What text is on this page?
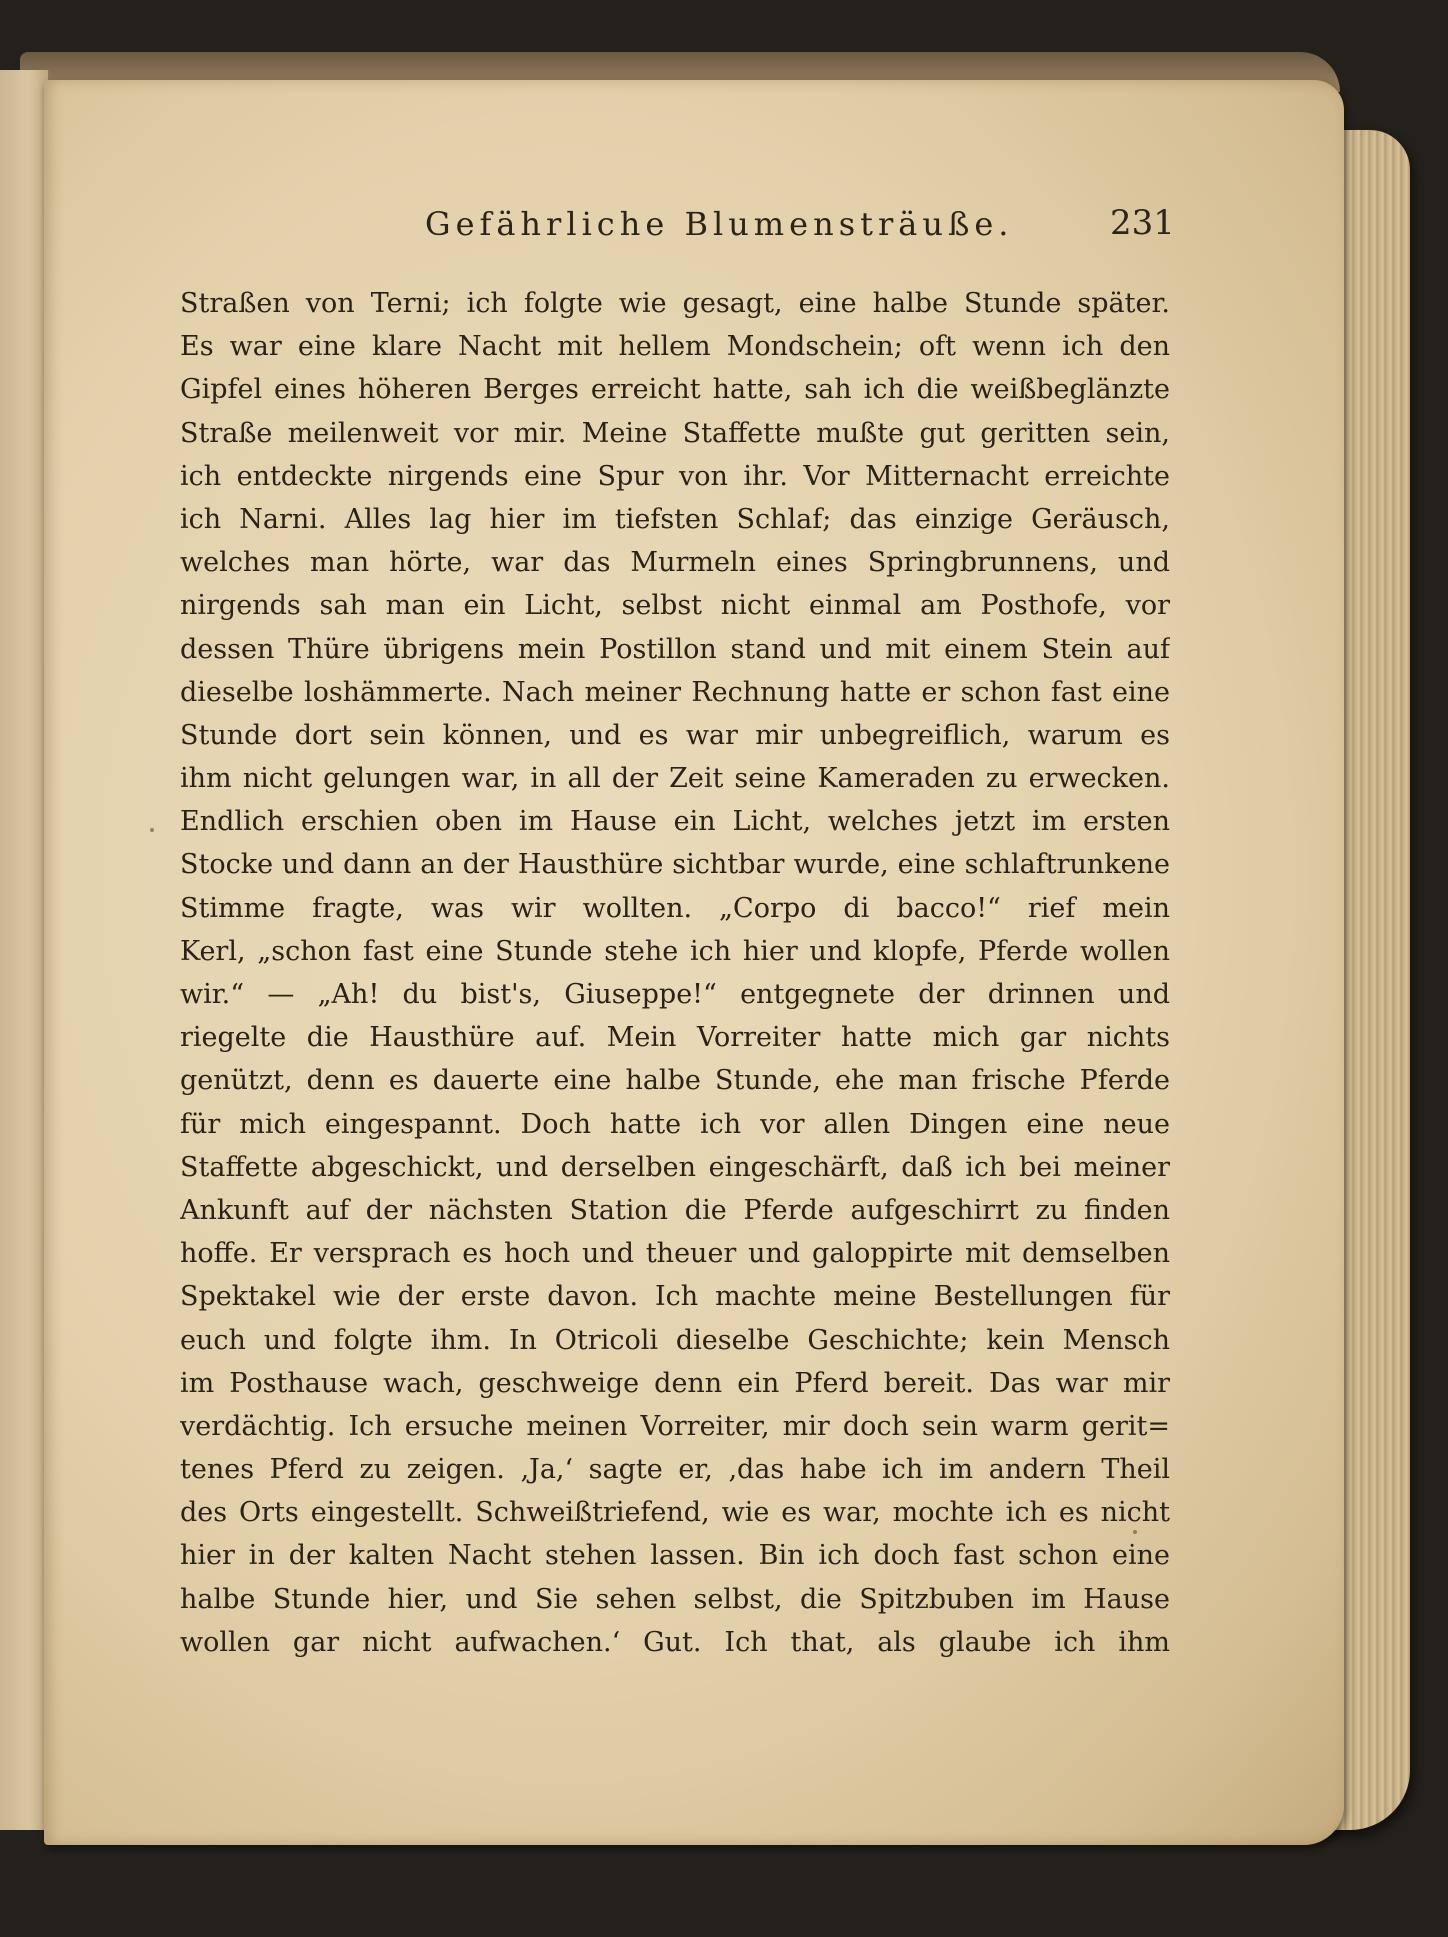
Gefährliche Blumensträuße.	231
Straßen von Terni; ich folgte wie gesagt, eine halbe Stunde später.
Es war eine klare Nacht mit hellem Mondschein; oft wenn ich den
Gipfel eines höheren Berges erreicht hatte, sah ich die weißbeglänzte
Straße meilenweit vor mir. Meine Staffette mußte gut geritten sein,
ich entdeckte nirgends eine Spur von ihr. Vor Mitternacht erreichte
ich Narni. Alles lag hier im tiefsten Schlaf; das einzige Geräusch,
welches man hörte, war das Murmeln eines Springbrunnens, und
nirgends sah man ein Licht, selbst nicht einmal am Posthofe, vor
dessen Thüre übrigens mein Postillon stand und mit einem Stein auf
dieselbe loshämmerte. Nach meiner Rechnung hatte er schon fast eine
Stunde dort sein können, und es war mir unbegreiflich, warum es
ihm nicht gelungen war, in all der Zeit seine Kameraden zu erwecken.
Endlich erschien oben im Hause ein Licht, welches jetzt im ersten
Stocke und dann an der Hausthüre sichtbar wurde, eine schlaftrunkene
Stimme fragte, was wir wollten. „Corpo di bacco!“ rief mein
Kerl, „schon fast eine Stunde stehe ich hier und klopfe, Pferde wollen
wir.“ — „Ah! du bist's, Giuseppe!“ entgegnete der drinnen und
riegelte die Hausthüre auf. Mein Vorreiter hatte mich gar nichts
genützt, denn es dauerte eine halbe Stunde, ehe man frische Pferde
für mich eingespannt. Doch hatte ich vor allen Dingen eine neue
Staffette abgeschickt, und derselben eingeschärft, daß ich bei meiner
Ankunft auf der nächsten Station die Pferde aufgeschirrt zu finden
hoffe. Er versprach es hoch und theuer und galoppirte mit demselben
Spektakel wie der erste davon. Ich machte meine Bestellungen für
euch und folgte ihm. In Otricoli dieselbe Geschichte; kein Mensch
im Posthause wach, geschweige denn ein Pferd bereit. Das war mir
verdächtig. Ich ersuche meinen Vorreiter, mir doch sein warm gerit=
tenes Pferd zu zeigen. ‚Ja,‘ sagte er, ‚das habe ich im andern Theil
des Orts eingestellt. Schweißtriefend, wie es war, mochte ich es nicht
hier in der kalten Nacht stehen lassen. Bin ich doch fast schon eine
halbe Stunde hier, und Sie sehen selbst, die Spitzbuben im Hause
wollen gar nicht aufwachen.‘ Gut. Ich that, als glaube ich ihm
